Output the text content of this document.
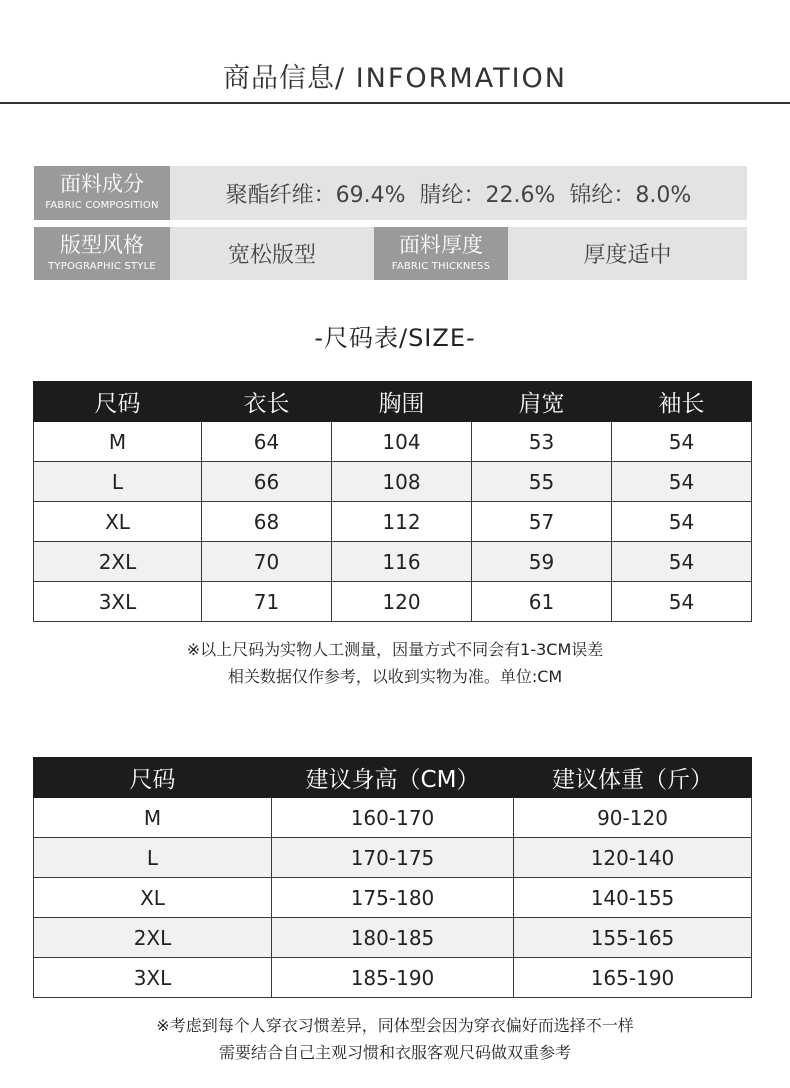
商品信息/ INFORMATION
面料成分
FABRIC COMPOSITION	聚酯纤维：69.4%  腈纶：22.6%  锦纶：8.0%
版型风格
TYPOGRAPHIC STYLE	宽松版型	面料厚度
FABRIC THICKNESS	厚度适中
-尺码表/SIZE-
尺码	衣长	胸围	肩宽	袖长
M	64	104	53	54
L	66	108	55	54
XL	68	112	57	54
2XL	70	116	59	54
3XL	71	120	61	54
※以上尺码为实物人工测量，因量方式不同会有1-3CM误差
相关数据仅作参考，以收到实物为准。单位:CM
尺码	建议身高（CM）	建议体重（斤）
M	160-170	90-120
L	170-175	120-140
XL	175-180	140-155
2XL	180-185	155-165
3XL	185-190	165-190
※考虑到每个人穿衣习惯差异，同体型会因为穿衣偏好而选择不一样
需要结合自己主观习惯和衣服客观尺码做双重参考
